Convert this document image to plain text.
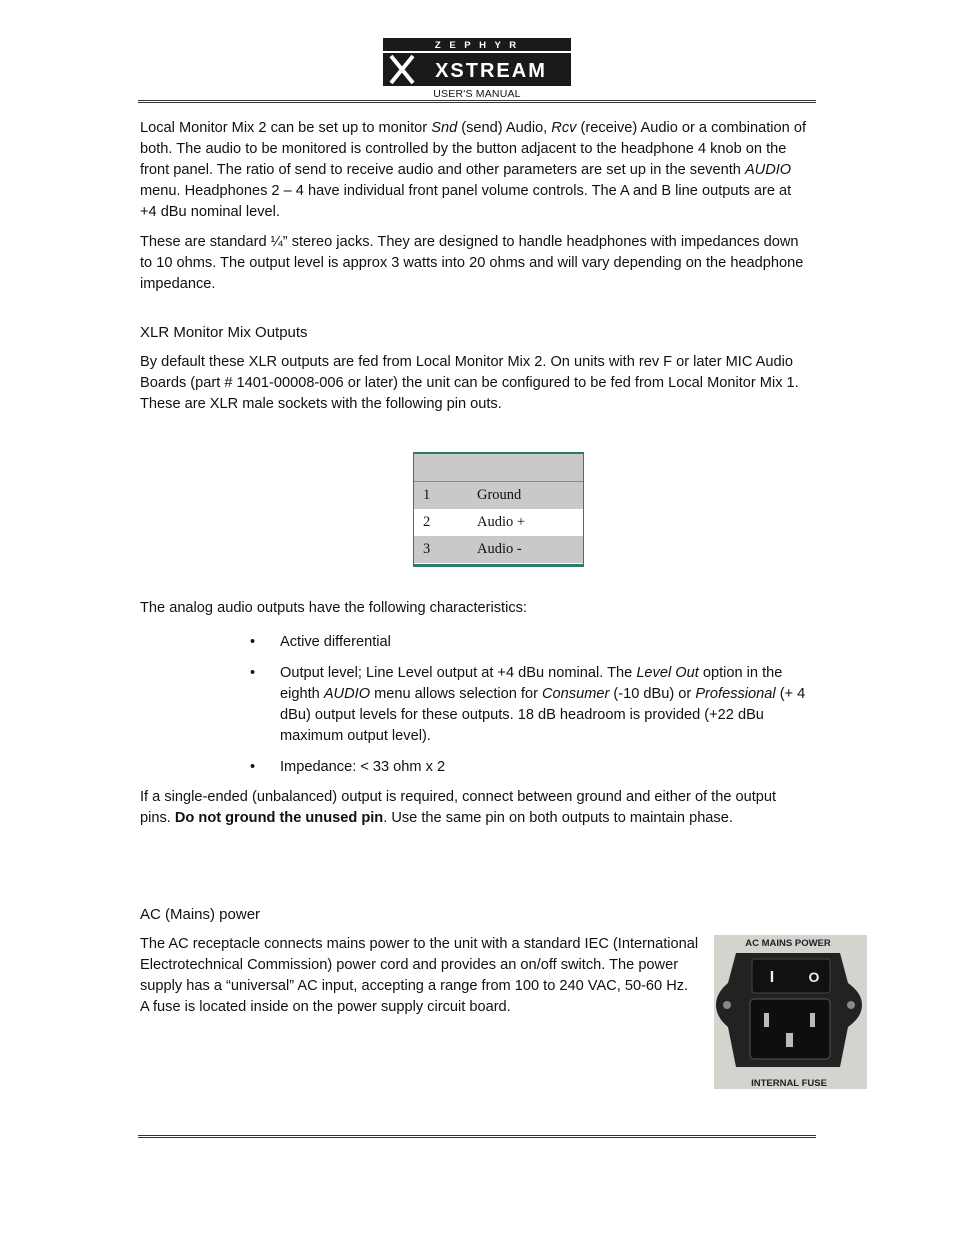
Z E P H Y R
XSTREAM
USER'S MANUAL

Local Monitor Mix 2 can be set up to monitor Snd (send) Audio, Rcv (receive) Audio or a combination of both. The audio to be monitored is controlled by the button adjacent to the headphone 4 knob on the front panel. The ratio of send to receive audio and other parameters are set up in the seventh AUDIO menu. Headphones 2 – 4 have individual front panel volume controls. The A and B line outputs are at +4 dBu nominal level.

These are standard ¼” stereo jacks. They are designed to handle headphones with impedances down to 10 ohms. The output level is approx 3 watts into 20 ohms and will vary depending on the headphone impedance.

XLR Monitor Mix Outputs

By default these XLR outputs are fed from Local Monitor Mix 2. On units with rev F or later MIC Audio Boards (part # 1401-00008-006 or later) the unit can be configured to be fed from Local Monitor Mix 1. These are XLR male sockets with the following pin outs.

1	Ground
2	Audio +
3	Audio -

The analog audio outputs have the following characteristics:

• Active differential
• Output level; Line Level output at +4 dBu nominal. The Level Out option in the eighth AUDIO menu allows selection for Consumer (-10 dBu) or Professional (+ 4 dBu) output levels for these outputs. 18 dB headroom is provided (+22 dBu maximum output level).
• Impedance: < 33 ohm x 2

If a single-ended (unbalanced) output is required, connect between ground and either of the output pins. Do not ground the unused pin. Use the same pin on both outputs to maintain phase.

AC (Mains) power

The AC receptacle connects mains power to the unit with a standard IEC (International Electrotechnical Commission) power cord and provides an on/off switch. The power supply has a “universal” AC input, accepting a range from 100 to 240 VAC, 50-60 Hz. A fuse is located inside on the power supply circuit board.

AC MAINS POWER
I O
INTERNAL FUSE
